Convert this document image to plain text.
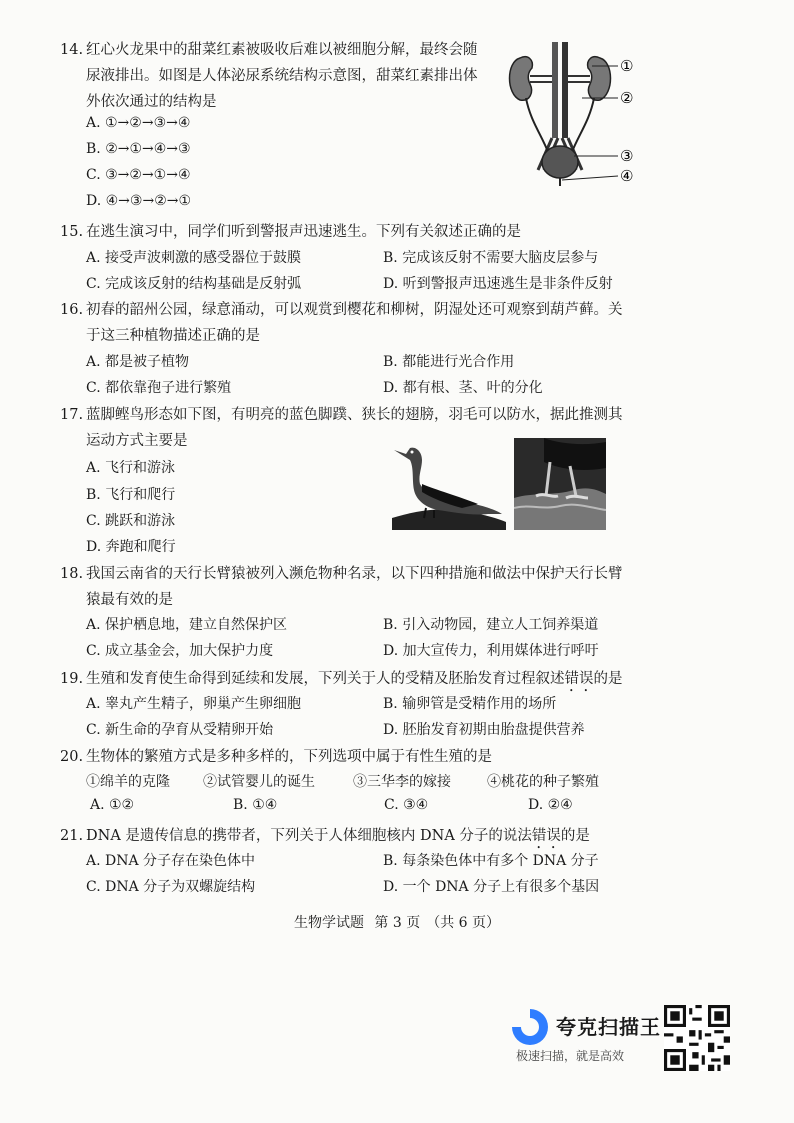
14. 红心火龙果中的甜菜红素被吸收后难以被细胞分解，最终会随
尿液排出。如图是人体泌尿系统结构示意图，甜菜红素排出体
外依次通过的结构是
A. ①→②→③→④
B. ②→①→④→③
C. ③→②→①→④
D. ④→③→②→①
①
②
③
④
15. 在逃生演习中，同学们听到警报声迅速逃生。下列有关叙述正确的是
A. 接受声波刺激的感受器位于鼓膜	B. 完成该反射不需要大脑皮层参与
C. 完成该反射的结构基础是反射弧	D. 听到警报声迅速逃生是非条件反射
16. 初春的韶州公园，绿意涌动，可以观赏到樱花和柳树，阴湿处还可观察到葫芦藓。关
于这三种植物描述正确的是
A. 都是被子植物	B. 都能进行光合作用
C. 都依靠孢子进行繁殖	D. 都有根、茎、叶的分化
17. 蓝脚鲣鸟形态如下图，有明亮的蓝色脚蹼、狭长的翅膀，羽毛可以防水，据此推测其
运动方式主要是
A. 飞行和游泳
B. 飞行和爬行
C. 跳跃和游泳
D. 奔跑和爬行
18. 我国云南省的天行长臂猿被列入濒危物种名录，以下四种措施和做法中保护天行长臂
猿最有效的是
A. 保护栖息地，建立自然保护区	B. 引入动物园，建立人工饲养渠道
C. 成立基金会，加大保护力度	D. 加大宣传力，利用媒体进行呼吁
19. 生殖和发育使生命得到延续和发展，下列关于人的受精及胚胎发育过程叙述错误的是
A. 睾丸产生精子，卵巢产生卵细胞	B. 输卵管是受精作用的场所
C. 新生命的孕育从受精卵开始	D. 胚胎发育初期由胎盘提供营养
20. 生物体的繁殖方式是多种多样的，下列选项中属于有性生殖的是
①绵羊的克隆 ②试管婴儿的诞生	③三华李的嫁接	④桃花的种子繁殖
A. ①②	B. ①④	C. ③④	D. ②④
21. DNA 是遗传信息的携带者，下列关于人体细胞核内 DNA 分子的说法错误的是
A. DNA 分子存在染色体中	B. 每条染色体中有多个 DNA 分子
C. DNA 分子为双螺旋结构	D. 一个 DNA 分子上有很多个基因
生物学试题 第 3 页 （共 6 页）
夸克扫描王
极速扫描，就是高效
